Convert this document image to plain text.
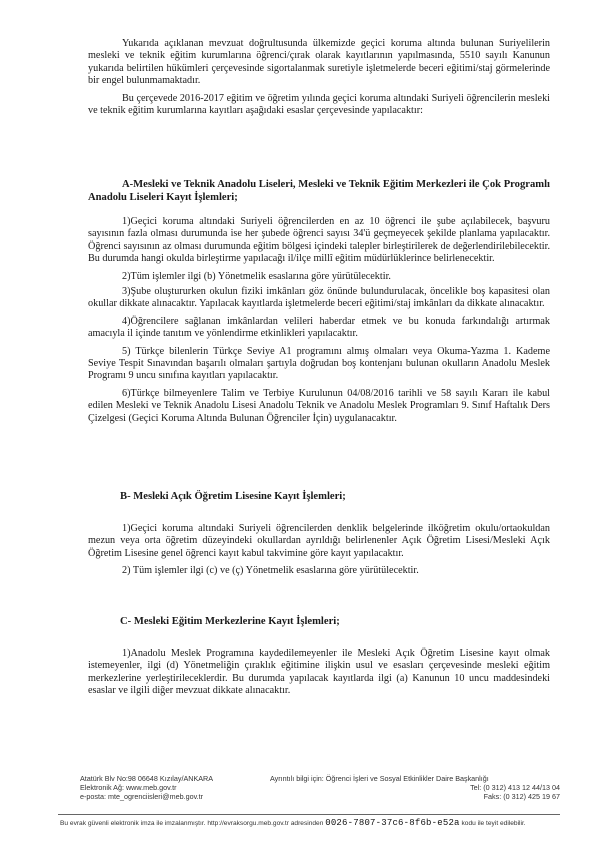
Yukarıda açıklanan mevzuat doğrultusunda ülkemizde geçici koruma altında bulunan Suriyelilerin mesleki ve teknik eğitim kurumlarına öğrenci/çırak olarak kayıtlarının yapılmasında, 5510 sayılı Kanunun yukarıda belirtilen hükümleri çerçevesinde sigortalanmak suretiyle işletmelerde beceri eğitimi/staj görmelerinde bir engel bulunmamaktadır.

Bu çerçevede 2016-2017 eğitim ve öğretim yılında geçici koruma altındaki Suriyeli öğrencilerin mesleki ve teknik eğitim kurumlarına kayıtları aşağıdaki esaslar çerçevesinde yapılacaktır:

A-Mesleki ve Teknik Anadolu Liseleri, Mesleki ve Teknik Eğitim Merkezleri ile Çok Programlı Anadolu Liseleri Kayıt İşlemleri;

1)Geçici koruma altındaki Suriyeli öğrencilerden en az 10 öğrenci ile şube açılabilecek, başvuru sayısının fazla olması durumunda ise her şubede öğrenci sayısı 34'ü geçmeyecek şekilde planlama yapılacaktır. Öğrenci sayısının az olması durumunda eğitim bölgesi içindeki talepler birleştirilerek de değerlendirilebilecektir. Bu durumda hangi okulda birleştirme yapılacağı il/ilçe millî eğitim müdürlüklerince belirlenecektir.

2)Tüm işlemler ilgi (b) Yönetmelik esaslarına göre yürütülecektir.

3)Şube oluştururken okulun fiziki imkânları göz önünde bulundurulacak, öncelikle boş kapasitesi olan okullar dikkate alınacaktır. Yapılacak kayıtlarda işletmelerde beceri eğitimi/staj imkânları da dikkate alınacaktır.

4)Öğrencilere sağlanan imkânlardan velileri haberdar etmek ve bu konuda farkındalığı artırmak amacıyla il içinde tanıtım ve yönlendirme etkinlikleri yapılacaktır.

5) Türkçe bilenlerin Türkçe Seviye A1 programını almış olmaları veya Okuma-Yazma 1. Kademe Seviye Tespit Sınavından başarılı olmaları şartıyla doğrudan boş kontenjanı bulunan okulların Anadolu Meslek Programı 9 uncu sınıfına kayıtları yapılacaktır.

6)Türkçe bilmeyenlere Talim ve Terbiye Kurulunun 04/08/2016 tarihli ve 58 sayılı Kararı ile kabul edilen Mesleki ve Teknik Anadolu Lisesi Anadolu Teknik ve Anadolu Meslek Programları 9. Sınıf Haftalık Ders Çizelgesi (Geçici Koruma Altında Bulunan Öğrenciler İçin) uygulanacaktır.

B- Mesleki Açık Öğretim Lisesine Kayıt İşlemleri;

1)Geçici koruma altındaki Suriyeli öğrencilerden denklik belgelerinde ilköğretim okulu/ortaokuldan mezun veya orta öğretim düzeyindeki okullardan ayrıldığı belirlenenler Açık Öğretim Lisesi/Mesleki Açık Öğretim Lisesine genel öğrenci kayıt kabul takvimine göre kayıt yapılacaktır.

2) Tüm işlemler ilgi (c) ve (ç) Yönetmelik esaslarına göre yürütülecektir.

C- Mesleki Eğitim Merkezlerine Kayıt İşlemleri;

1)Anadolu Meslek Programına kaydedilemeyenler ile Mesleki Açık Öğretim Lisesine kayıt olmak istemeyenler, ilgi (d) Yönetmeliğin çıraklık eğitimine ilişkin usul ve esasları çerçevesinde mesleki eğitim merkezlerine yerleştirileceklerdir. Bu durumda yapılacak kayıtlarda ilgi (a) Kanunun 10 uncu maddesindeki esaslar ve ilgili diğer mevzuat dikkate alınacaktır.

Atatürk Blv No:98 06648 Kızılay/ANKARA
Elektronik Ağ: www.meb.gov.tr
e-posta: mte_ogrenciisleri@meb.gov.tr
Ayrıntılı bilgi için: Öğrenci İşleri ve Sosyal Etkinlikler Daire Başkanlığı
Tel: (0 312) 413 12 44/13 04
Faks: (0 312) 425 19 67
Bu evrak güvenli elektronik imza ile imzalanmıştır. http://evraksorgu.meb.gov.tr adresinden 0026-7807-37c6-8f6b-e52a kodu ile teyit edilebilir.
